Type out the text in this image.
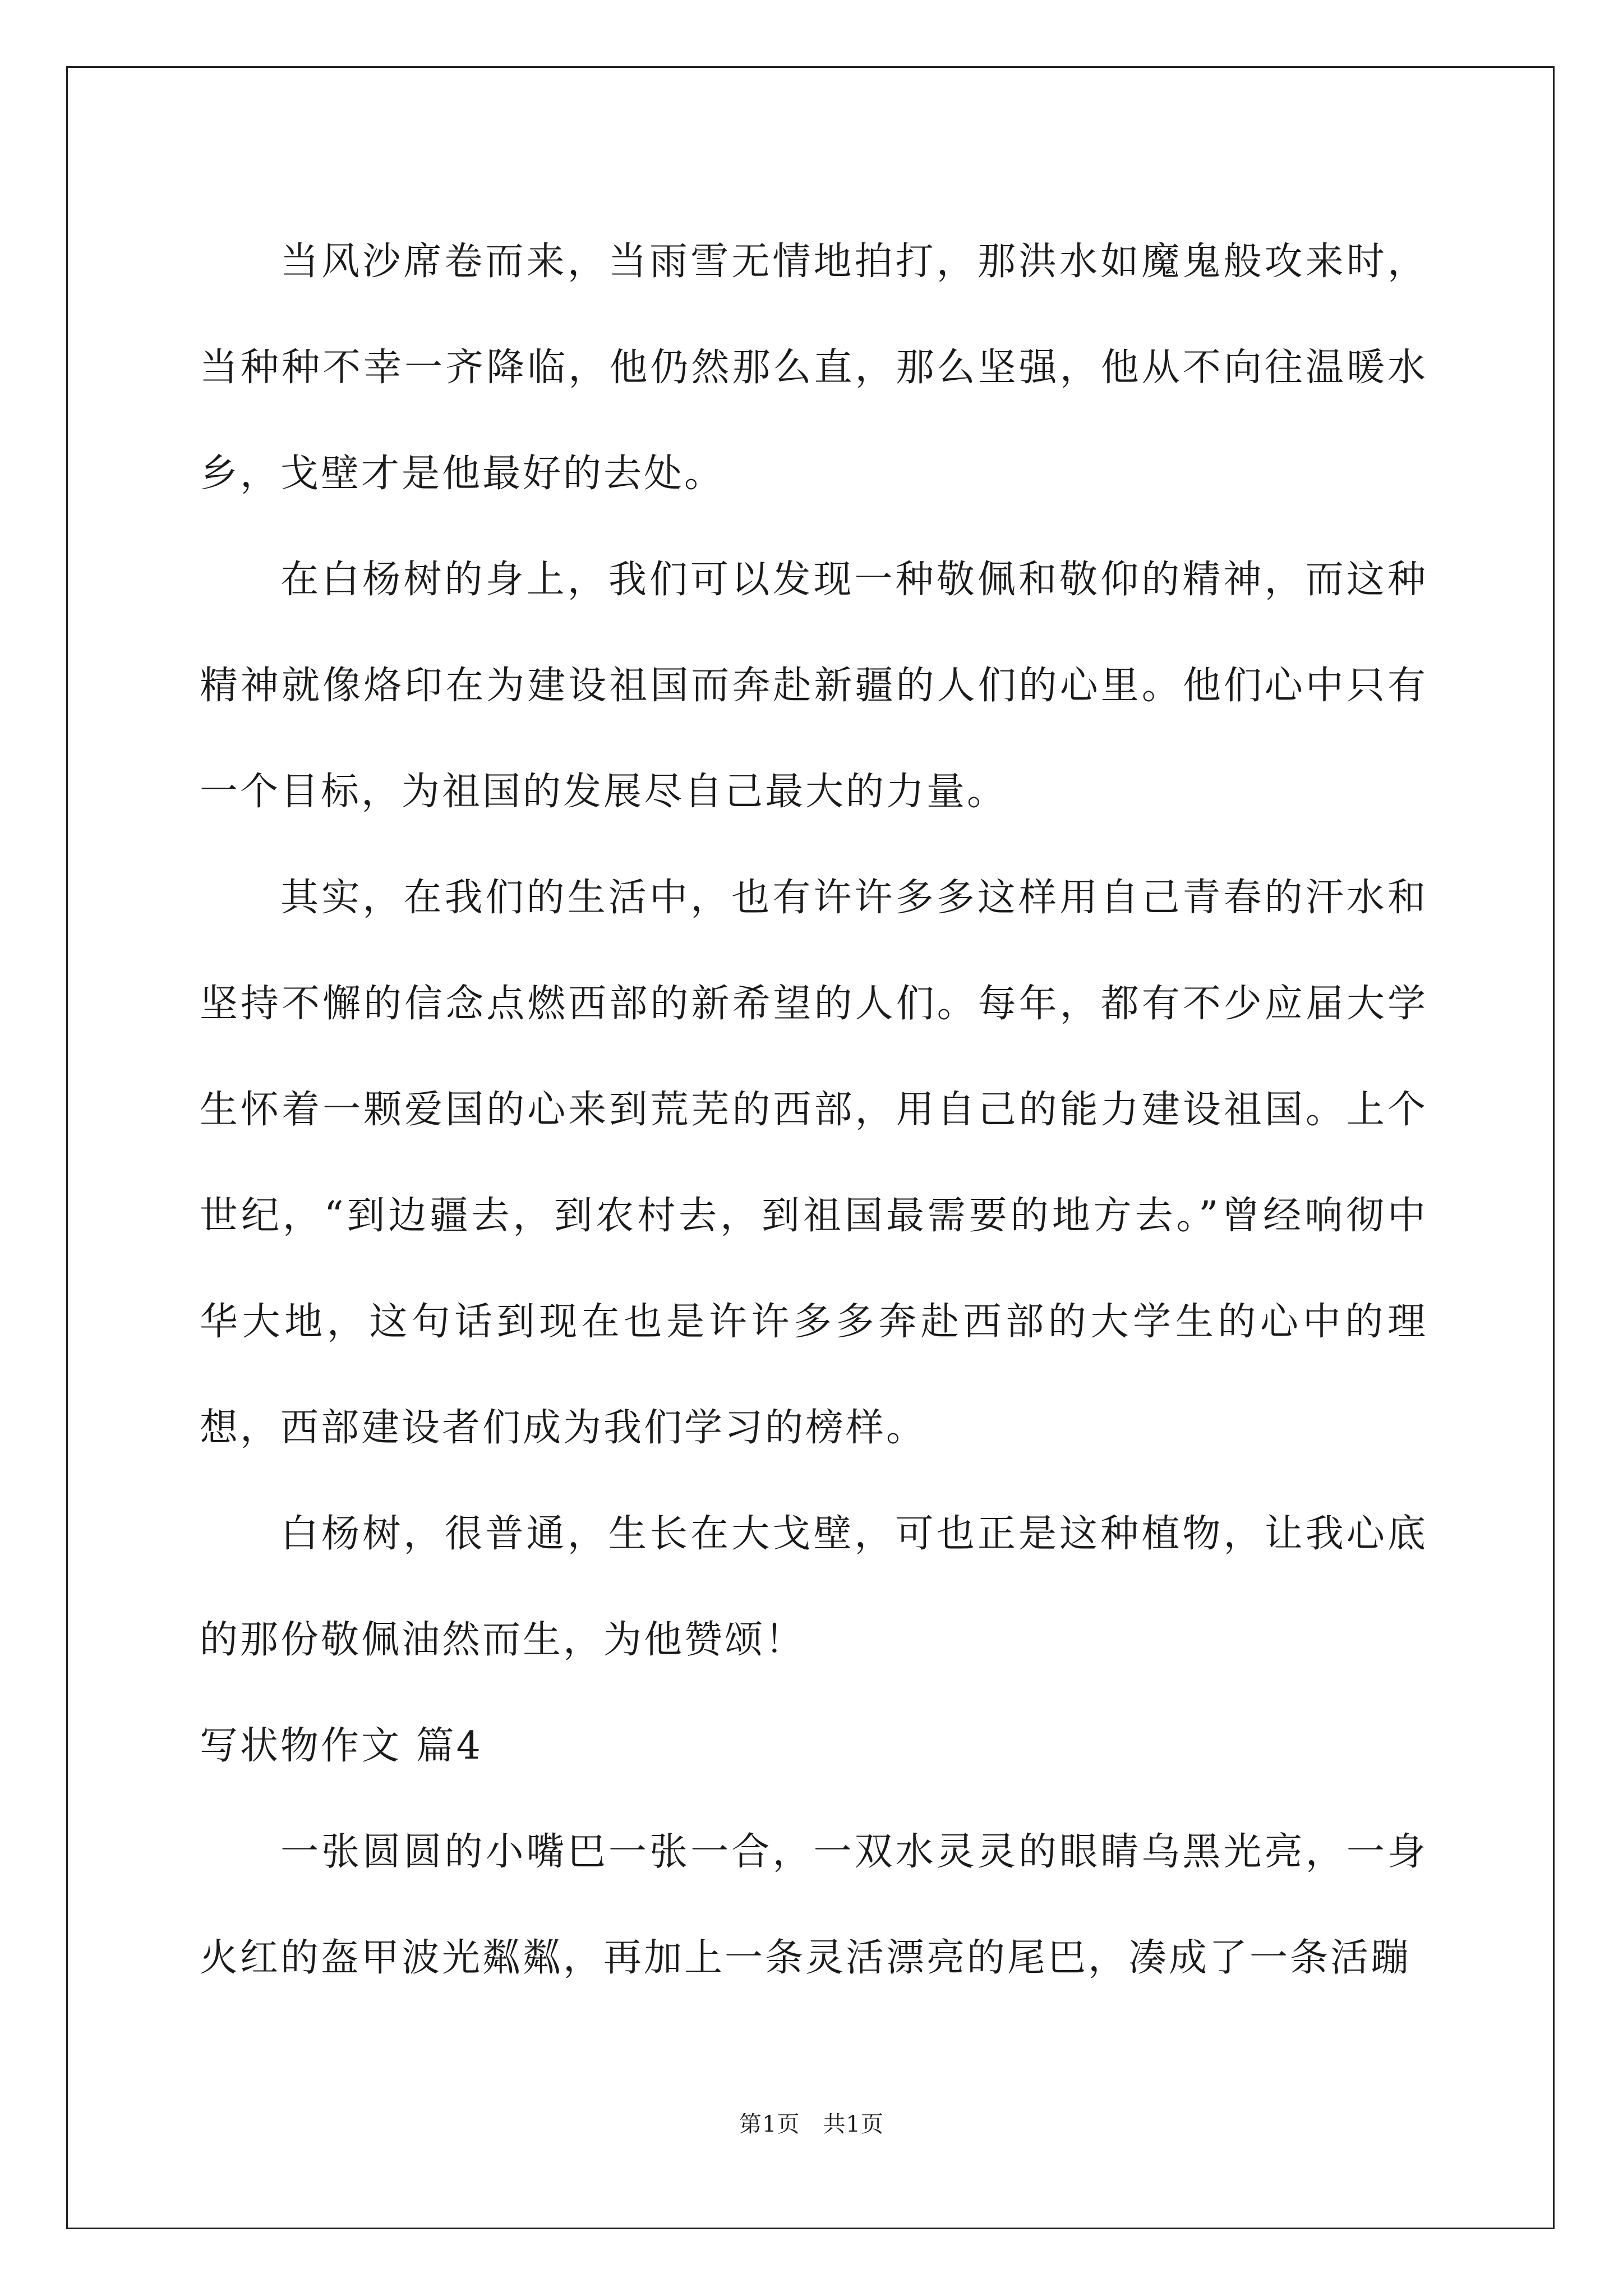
当风沙席卷而来，当雨雪无情地拍打，那洪水如魔鬼般攻来时，当种种不幸一齐降临，他仍然那么直，那么坚强，他从不向往温暖水乡，戈壁才是他最好的去处。

在白杨树的身上，我们可以发现一种敬佩和敬仰的精神，而这种精神就像烙印在为建设祖国而奔赴新疆的人们的心里。他们心中只有一个目标，为祖国的发展尽自己最大的力量。

其实，在我们的生活中，也有许许多多这样用自己青春的汗水和坚持不懈的信念点燃西部的新希望的人们。每年，都有不少应届大学生怀着一颗爱国的心来到荒芜的西部，用自己的能力建设祖国。上个世纪，“到边疆去，到农村去，到祖国最需要的地方去。”曾经响彻中华大地，这句话到现在也是许许多多奔赴西部的大学生的心中的理想，西部建设者们成为我们学习的榜样。

白杨树，很普通，生长在大戈壁，可也正是这种植物，让我心底的那份敬佩油然而生，为他赞颂！

写状物作文 篇4

一张圆圆的小嘴巴一张一合，一双水灵灵的眼睛乌黑光亮，一身火红的盔甲波光粼粼，再加上一条灵活漂亮的尾巴，凑成了一条活蹦

第1页　共1页
